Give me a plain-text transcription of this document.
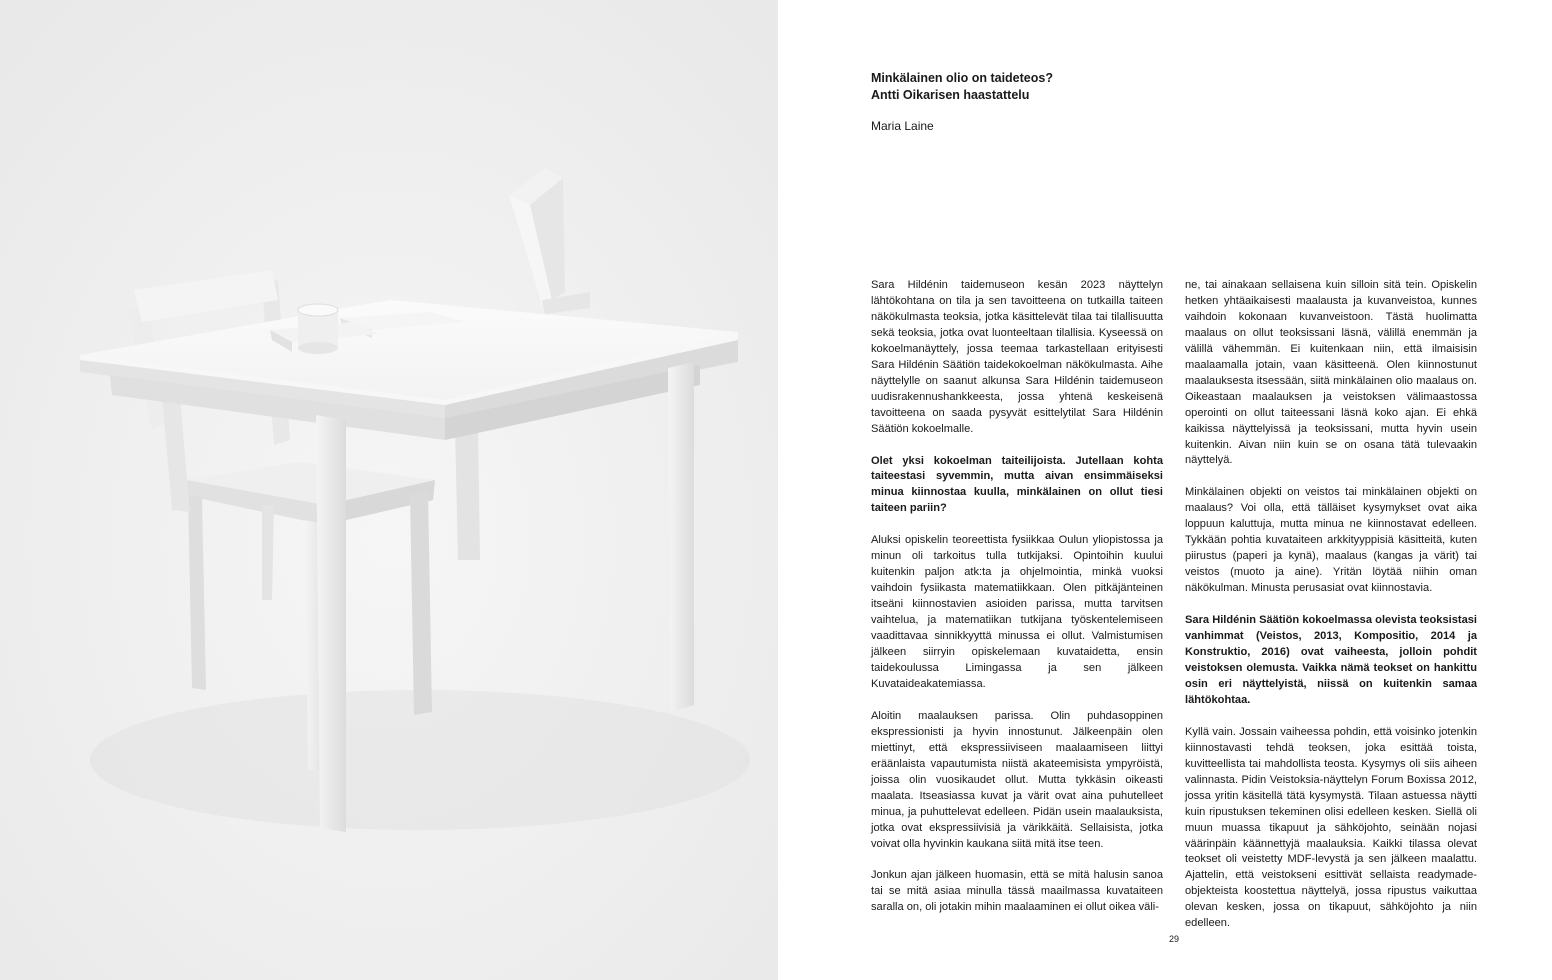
Minkälainen olio on taideteos?
Antti Oikarisen haastattelu

Maria Laine

Sara Hildénin taidemuseon kesän 2023 näyttelyn lähtökohtana on tila ja sen tavoitteena on tutkailla taiteen näkökulmasta teoksia, jotka käsittelevät tilaa tai tilallisuutta sekä teoksia, jotka ovat luonteeltaan tilallisia. Kyseessä on kokoelmanäyttely, jossa teemaa tarkastellaan erityisesti Sara Hildénin Säätiön taidekokoelman näkökulmasta. Aihe näyttelylle on saanut alkunsa Sara Hildénin taidemuseon uudisrakennushankkeesta, jossa yhtenä keskeisenä tavoitteena on saada pysyvät esittelytilat Sara Hildénin Säätiön kokoelmalle.

Olet yksi kokoelman taiteilijoista. Jutellaan kohta taiteestasi syvemmin, mutta aivan ensimmäiseksi minua kiinnostaa kuulla, minkälainen on ollut tiesi taiteen pariin?

Aluksi opiskelin teoreettista fysiikkaa Oulun yliopistossa ja minun oli tarkoitus tulla tutkijaksi. Opintoihin kuului kuitenkin paljon atk:ta ja ohjelmointia, minkä vuoksi vaihdoin fysiikasta matematiikkaan. Olen pitkäjänteinen itseäni kiinnostavien asioiden parissa, mutta tarvitsen vaihtelua, ja matematiikan tutkijana työskentelemiseen vaadittavaa sinnikkyyttä minussa ei ollut. Valmistumisen jälkeen siirryin opiskelemaan kuvataidetta, ensin taidekoulussa Limingassa ja sen jälkeen Kuvataideakatemiassa.

Aloitin maalauksen parissa. Olin puhdasoppinen ekspressionisti ja hyvin innostunut. Jälkeenpäin olen miettinyt, että ekspressiiviseen maalaamiseen liittyi eräänlaista vapautumista niistä akateemisista ympyröistä, joissa olin vuosikaudet ollut. Mutta tykkäsin oikeasti maalata. Itseasiassa kuvat ja värit ovat aina puhutelleet minua, ja puhuttelevat edelleen. Pidän usein maalauksista, jotka ovat ekspressiivisiä ja värikkäitä. Sellaisista, jotka voivat olla hyvinkin kaukana siitä mitä itse teen.

Jonkun ajan jälkeen huomasin, että se mitä halusin sanoa tai se mitä asiaa minulla tässä maailmassa kuvataiteen saralla on, oli jotakin mihin maalaaminen ei ollut oikea väli-

ne, tai ainakaan sellaisena kuin silloin sitä tein. Opiskelin hetken yhtäaikaisesti maalausta ja kuvanveistoa, kunnes vaihdoin kokonaan kuvanveistoon. Tästä huolimatta maalaus on ollut teoksissani läsnä, välillä enemmän ja välillä vähemmän. Ei kuitenkaan niin, että ilmaisisin maalaamalla jotain, vaan käsitteenä. Olen kiinnostunut maalauksesta itsessään, siitä minkälainen olio maalaus on. Oikeastaan maalauksen ja veistoksen välimaastossa operointi on ollut taiteessani läsnä koko ajan. Ei ehkä kaikissa näyttelyissä ja teoksissani, mutta hyvin usein kuitenkin. Aivan niin kuin se on osana tätä tulevaakin näyttelyä.

Minkälainen objekti on veistos tai minkälainen objekti on maalaus? Voi olla, että tälläiset kysymykset ovat aika loppuun kaluttuja, mutta minua ne kiinnostavat edelleen. Tykkään pohtia kuvataiteen arkkityyppisiä käsitteitä, kuten piirustus (paperi ja kynä), maalaus (kangas ja värit) tai veistos (muoto ja aine). Yritän löytää niihin oman näkökulman. Minusta perusasiat ovat kiinnostavia.

Sara Hildénin Säätiön kokoelmassa olevista teoksistasi vanhimmat (Veistos, 2013, Kompositio, 2014 ja Konstruktio, 2016) ovat vaiheesta, jolloin pohdit veistoksen olemusta. Vaikka nämä teokset on hankittu osin eri näyttelyistä, niissä on kuitenkin samaa lähtökohtaa.

Kyllä vain. Jossain vaiheessa pohdin, että voisinko jotenkin kiinnostavasti tehdä teoksen, joka esittää toista, kuvitteellista tai mahdollista teosta. Kysymys oli siis aiheen valinnasta. Pidin Veistoksia-näyttelyn Forum Boxissa 2012, jossa yritin käsitellä tätä kysymystä. Tilaan astuessa näytti kuin ripustuksen tekeminen olisi edelleen kesken. Siellä oli muun muassa tikapuut ja sähköjohto, seinään nojasi väärinpäin käännettyjä maalauksia. Kaikki tilassa olevat teokset oli veistetty MDF-levystä ja sen jälkeen maalattu. Ajattelin, että veistokseni esittivät sellaista readymade-objekteista koostettua näyttelyä, jossa ripustus vaikuttaa olevan kesken, jossa on tikapuut, sähköjohto ja niin edelleen.

29
